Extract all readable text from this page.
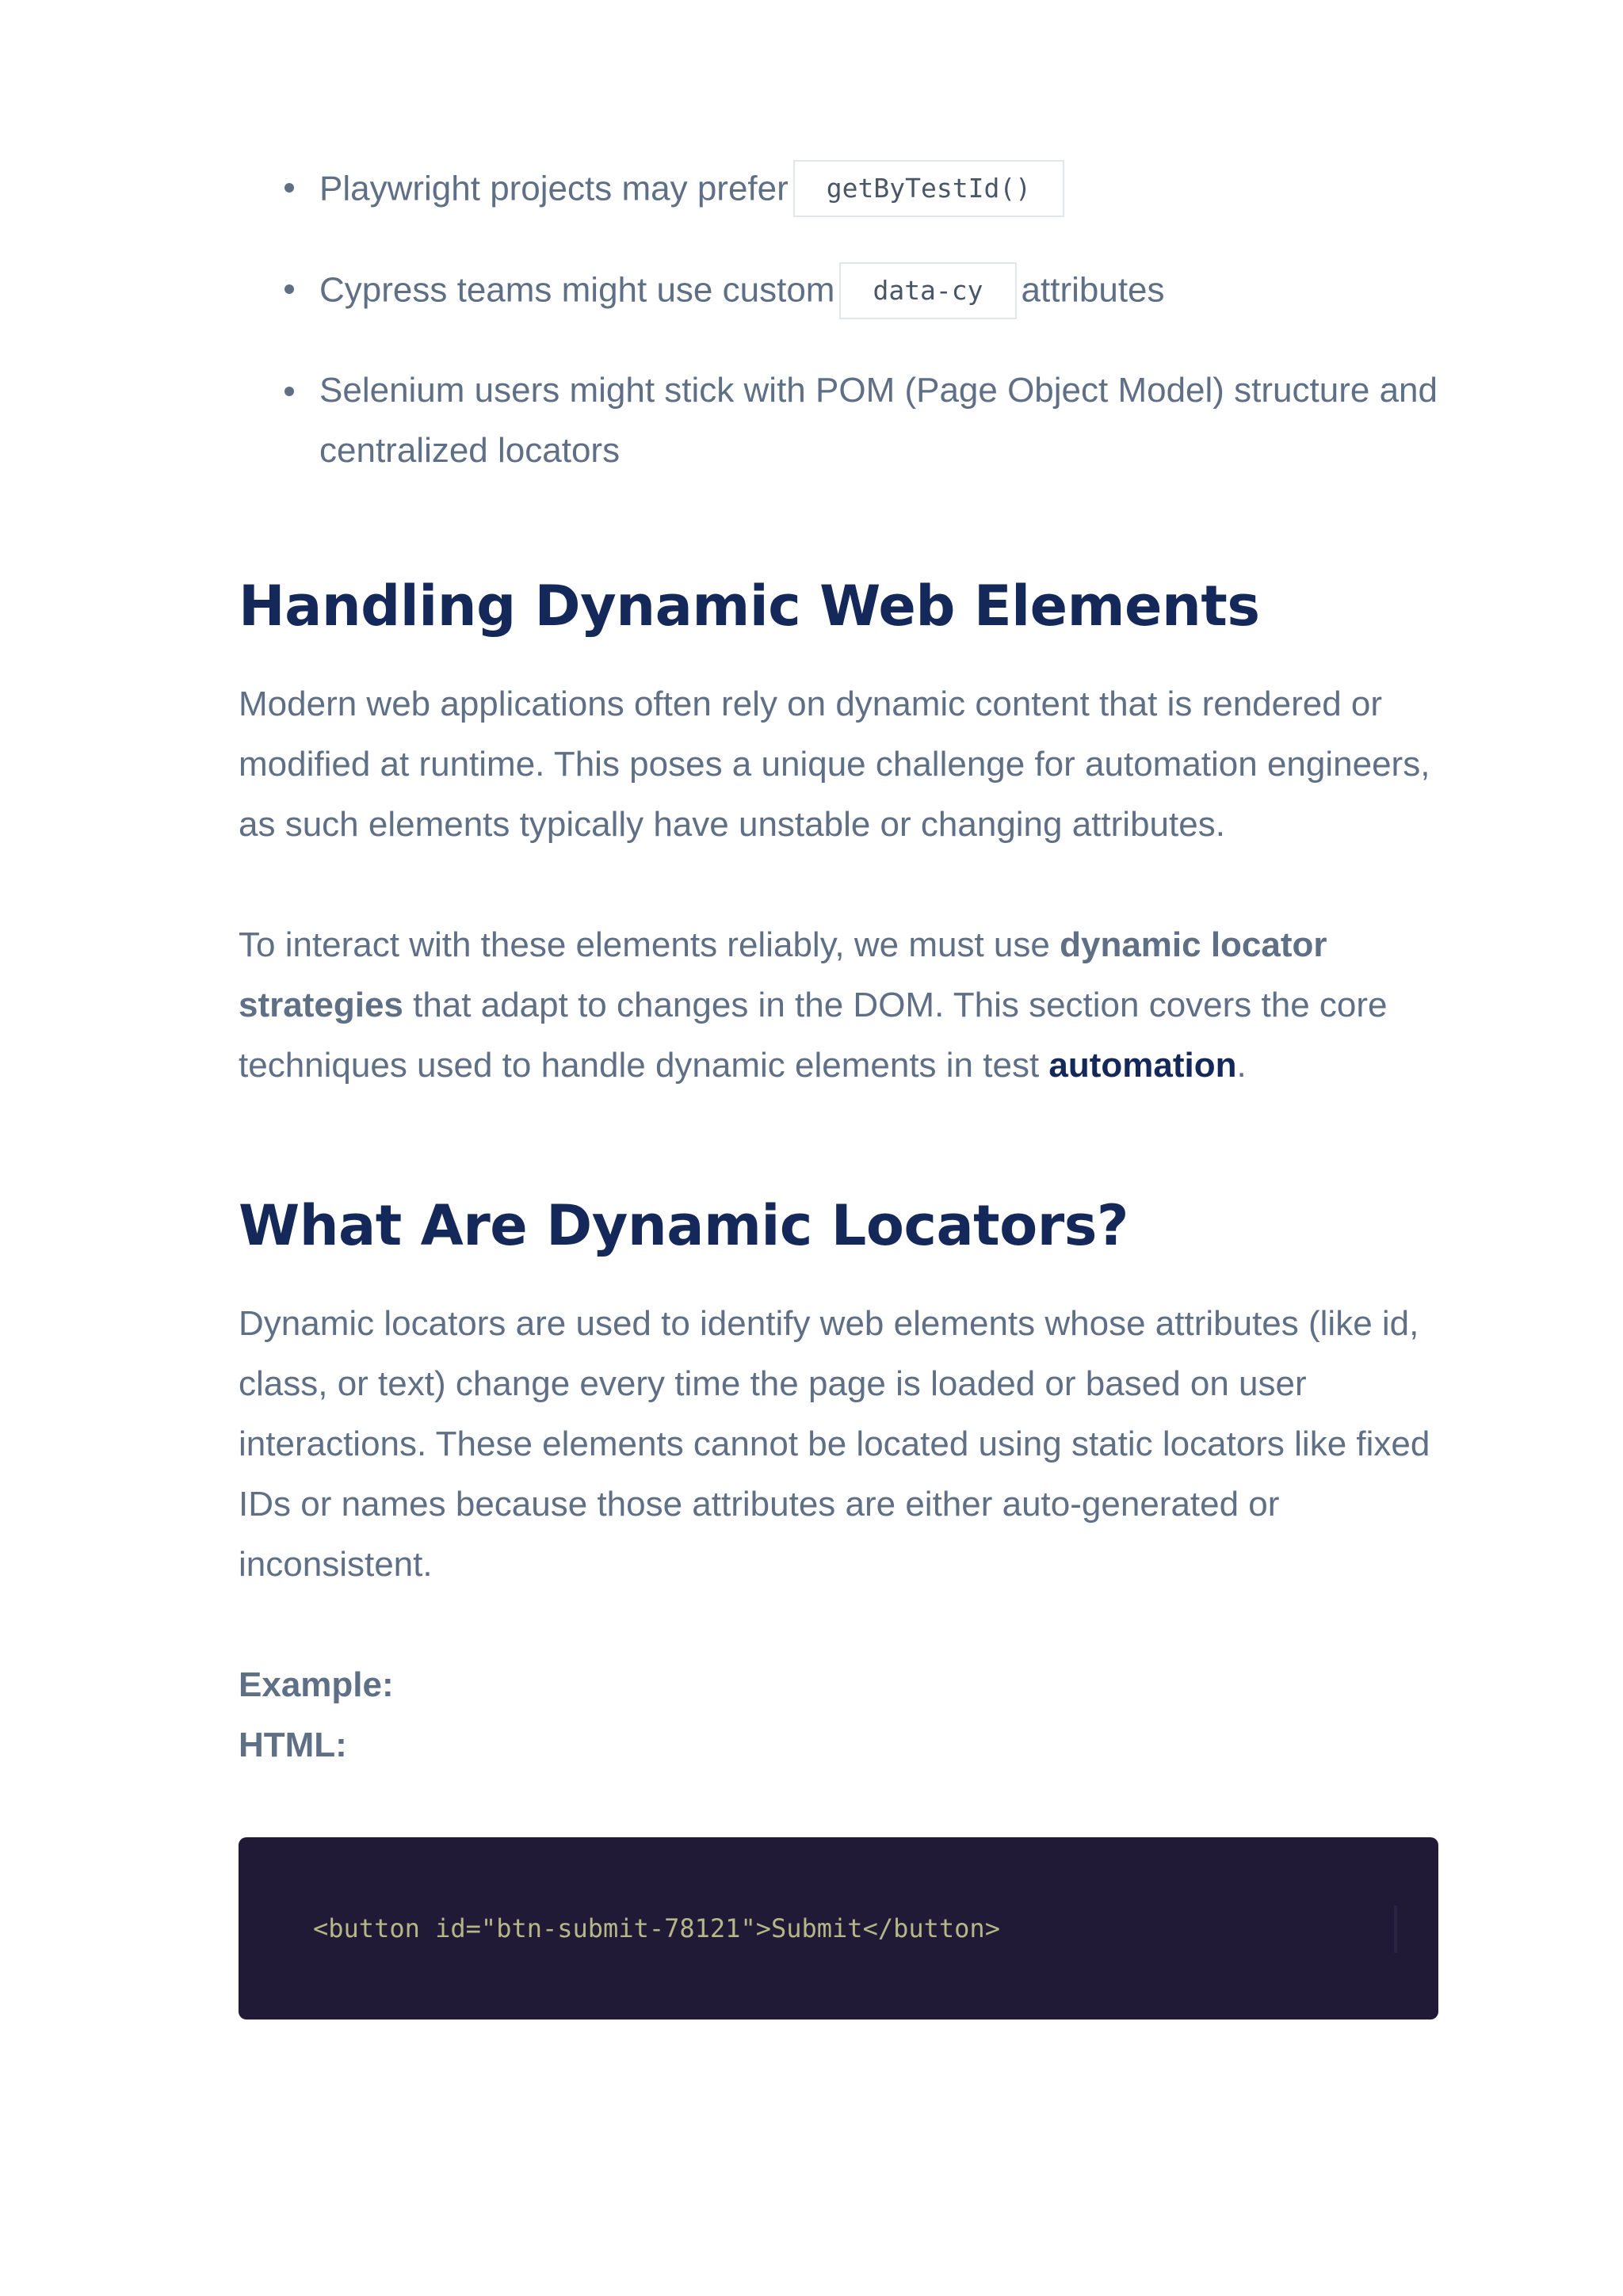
Playwright projects may prefer getByTestId()
Cypress teams might use custom data-cy attributes
Selenium users might stick with POM (Page Object Model) structure and centralized locators
Handling Dynamic Web Elements

Modern web applications often rely on dynamic content that is rendered or modified at runtime. This poses a unique challenge for automation engineers, as such elements typically have unstable or changing attributes.

To interact with these elements reliably, we must use dynamic locator strategies that adapt to changes in the DOM. This section covers the core techniques used to handle dynamic elements in test automation.

What Are Dynamic Locators?

Dynamic locators are used to identify web elements whose attributes (like id, class, or text) change every time the page is loaded or based on user interactions. These elements cannot be located using static locators like fixed IDs or names because those attributes are either auto-generated or inconsistent.

Example:
HTML:
<button id="btn-submit-78121">Submit</button>
